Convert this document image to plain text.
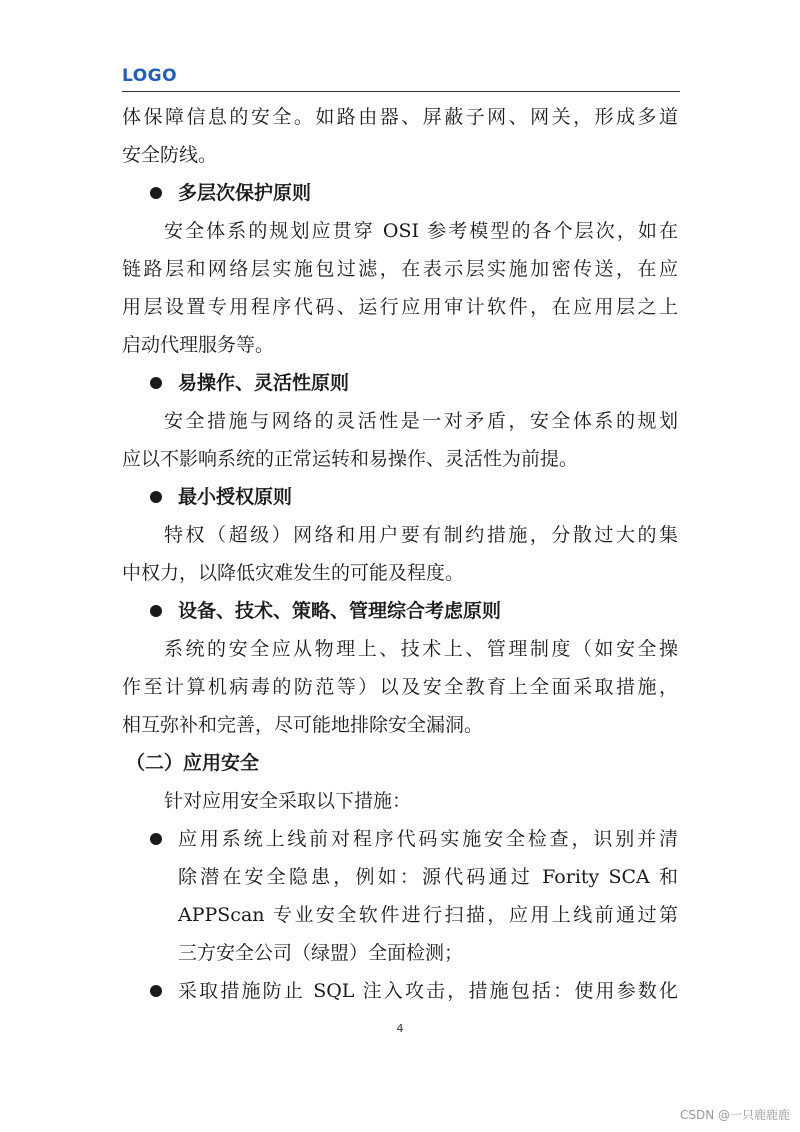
LOGO
体保障信息的安全。如路由器、屏蔽子网、网关，形成多道
安全防线。
多层次保护原则
安全体系的规划应贯穿 OSI 参考模型的各个层次，如在
链路层和网络层实施包过滤，在表示层实施加密传送，在应
用层设置专用程序代码、运行应用审计软件，在应用层之上
启动代理服务等。
易操作、灵活性原则
安全措施与网络的灵活性是一对矛盾，安全体系的规划
应以不影响系统的正常运转和易操作、灵活性为前提。
最小授权原则
特权（超级）网络和用户要有制约措施，分散过大的集
中权力，以降低灾难发生的可能及程度。
设备、技术、策略、管理综合考虑原则
系统的安全应从物理上、技术上、管理制度（如安全操
作至计算机病毒的防范等）以及安全教育上全面采取措施，
相互弥补和完善，尽可能地排除安全漏洞。
（二）应用安全
针对应用安全采取以下措施：
应用系统上线前对程序代码实施安全检查，识别并清
除潜在安全隐患，例如：源代码通过 Fority SCA 和
APPScan 专业安全软件进行扫描，应用上线前通过第
三方安全公司（绿盟）全面检测；
采取措施防止 SQL 注入攻击，措施包括：使用参数化
4
CSDN @一只鹿鹿鹿
